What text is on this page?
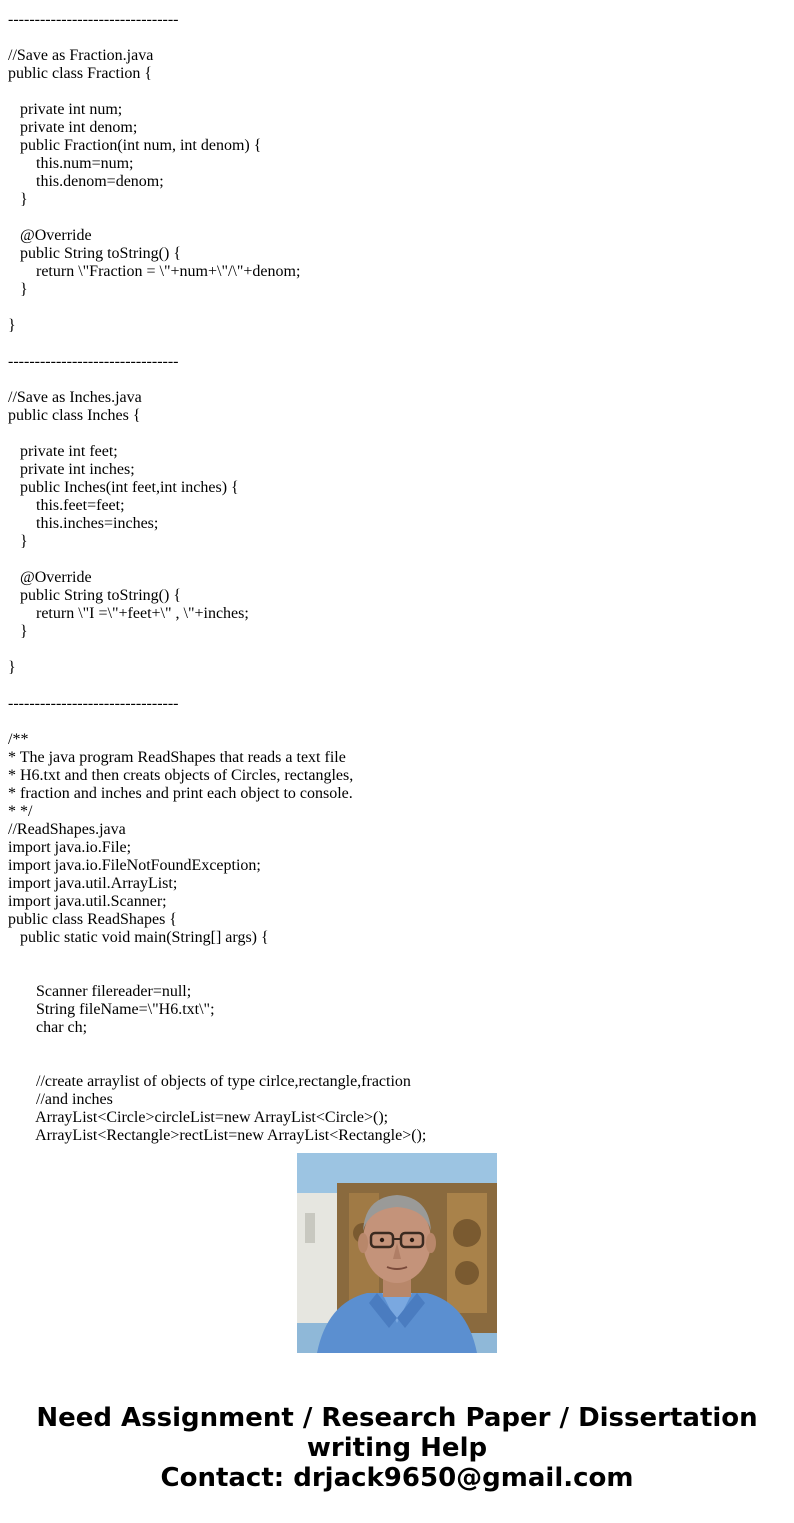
--------------------------------
//Save as Fraction.java
public class Fraction {
private int num;
private int denom;
public Fraction(int num, int denom) {
this.num=num;
this.denom=denom;
}
@Override
public String toString() {
return \"Fraction = \"+num+\"/\"+denom;
}
}
--------------------------------
//Save as Inches.java
public class Inches {
private int feet;
private int inches;
public Inches(int feet,int inches) {
this.feet=feet;
this.inches=inches;
}
@Override
public String toString() {
return \"I =\"+feet+\" , \"+inches;
}
}
--------------------------------
/**
* The java program ReadShapes that reads a text file
* H6.txt and then creats objects of Circles, rectangles,
* fraction and inches and print each object to console.
* */
//ReadShapes.java
import java.io.File;
import java.io.FileNotFoundException;
import java.util.ArrayList;
import java.util.Scanner;
public class ReadShapes {
public static void main(String[] args) {
Scanner filereader=null;
String fileName=\"H6.txt\";
char ch;
//create arraylist of objects of type cirlce,rectangle,fraction
//and inches
ArrayList<Circle>circleList=new ArrayList<Circle>();
ArrayList<Rectangle>rectList=new ArrayList<Rectangle>();
Need Assignment / Research Paper / Dissertation
writing Help
Contact: drjack9650@gmail.com
